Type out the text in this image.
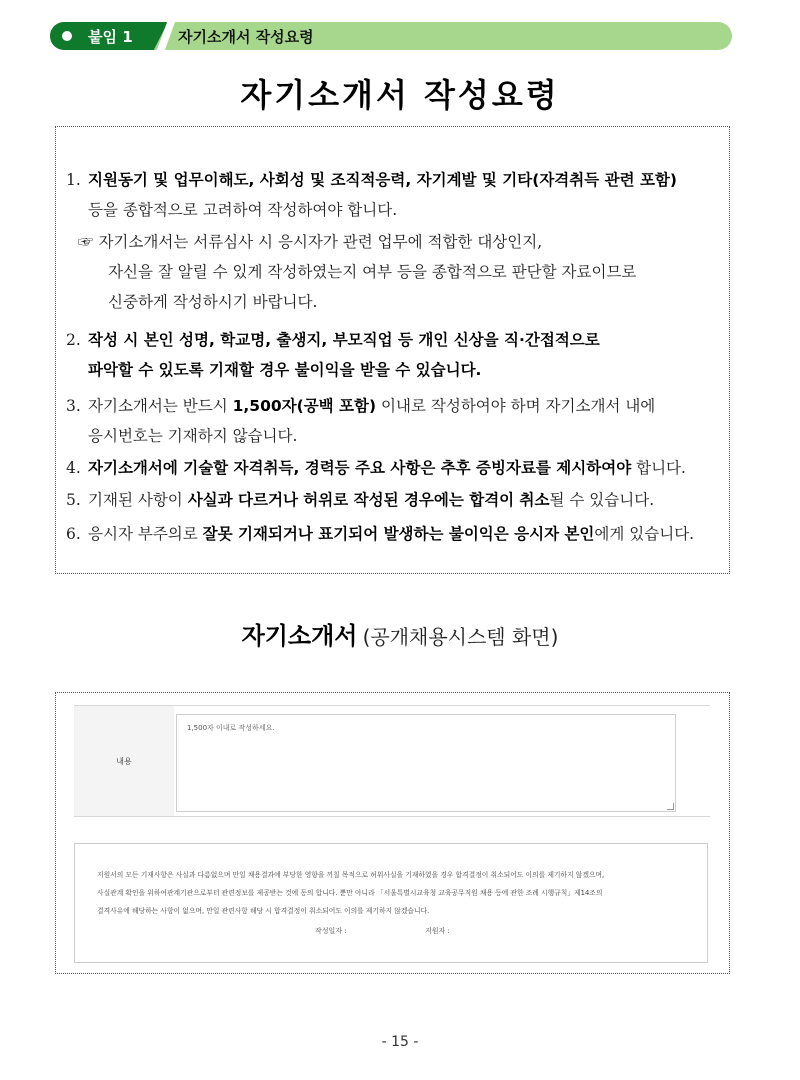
붙임 1	자기소개서 작성요령
자기소개서 작성요령
1. 지원동기 및 업무이해도, 사회성 및 조직적응력, 자기계발 및 기타(자격취득 관련 포함)
등을 종합적으로 고려하여 작성하여야 합니다.
☞ 자기소개서는 서류심사 시 응시자가 관련 업무에 적합한 대상인지,
자신을 잘 알릴 수 있게 작성하였는지 여부 등을 종합적으로 판단할 자료이므로
신중하게 작성하시기 바랍니다.
2. 작성 시 본인 성명, 학교명, 출생지, 부모직업 등 개인 신상을 직·간접적으로
파악할 수 있도록 기재할 경우 불이익을 받을 수 있습니다.
3. 자기소개서는 반드시 1,500자(공백 포함) 이내로 작성하여야 하며 자기소개서 내에
응시번호는 기재하지 않습니다.
4. 자기소개서에 기술할 자격취득, 경력등 주요 사항은 추후 증빙자료를 제시하여야 합니다.
5. 기재된 사항이 사실과 다르거나 허위로 작성된 경우에는 합격이 취소될 수 있습니다.
6. 응시자 부주의로 잘못 기재되거나 표기되어 발생하는 불이익은 응시자 본인에게 있습니다.
자기소개서 (공개채용시스템 화면)
내용
1,500자 이내로 작성하세요.
지원서의 모든 기재사항은 사실과 다름없으며 만일 채용결과에 부당한 영향을 끼칠 목적으로 허위사실을 기재하였을 경우 합격결정이 취소되어도 이의를 제기하지 않겠으며,
사실관계 확인을 위하여관계기관으로부터 관련정보를 제공받는 것에 동의 합니다. 뿐만 아니라 「서울특별시교육청 교육공무직원 채용 등에 관한 조례 시행규칙」제14조의
결격사유에 해당하는 사항이 없으며, 만일 관련사항 해당 시 합격결정이 취소되어도 이의를 제기하지 않겠습니다.
작성일자 :	지원자 :
- 15 -
